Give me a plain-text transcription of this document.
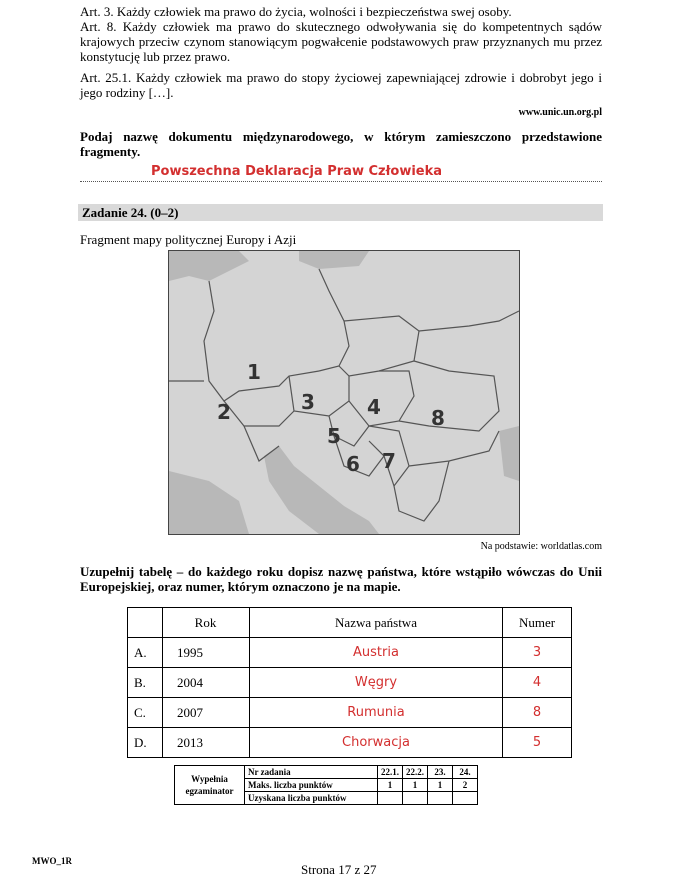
Art. 3. Każdy człowiek ma prawo do życia, wolności i bezpieczeństwa swej osoby.
Art. 8. Każdy człowiek ma prawo do skutecznego odwoływania się do kompetentnych sądów krajowych przeciw czynom stanowiącym pogwałcenie podstawowych praw przyznanych mu przez konstytucję lub przez prawo.
Art. 25.1. Każdy człowiek ma prawo do stopy życiowej zapewniającej zdrowie i dobrobyt jego i jego rodziny […].
www.unic.un.org.pl
Podaj nazwę dokumentu międzynarodowego, w którym zamieszczono przedstawione fragmenty.
Powszechna Deklaracja Praw Człowieka
Zadanie 24. (0–2)
Fragment mapy politycznej Europy i Azji
1
2	3	4
5
6 7
8
Na podstawie: worldatlas.com
Uzupełnij tabelę – do każdego roku dopisz nazwę państwa, które wstąpiło wówczas do Unii Europejskiej, oraz numer, którym oznaczono je na mapie.
	Rok	Nazwa państwa	Numer
A.	1995	Austria	3
B.	2004	Węgry	4
C.	2007	Rumunia	8
D.	2013	Chorwacja	5
Wypełnia egzaminator	Nr zadania	22.1.	22.2.	23.	24.
	Maks. liczba punktów	1	1	1	2
	Uzyskana liczba punktów				
MWO_1R
Strona 17 z 27
